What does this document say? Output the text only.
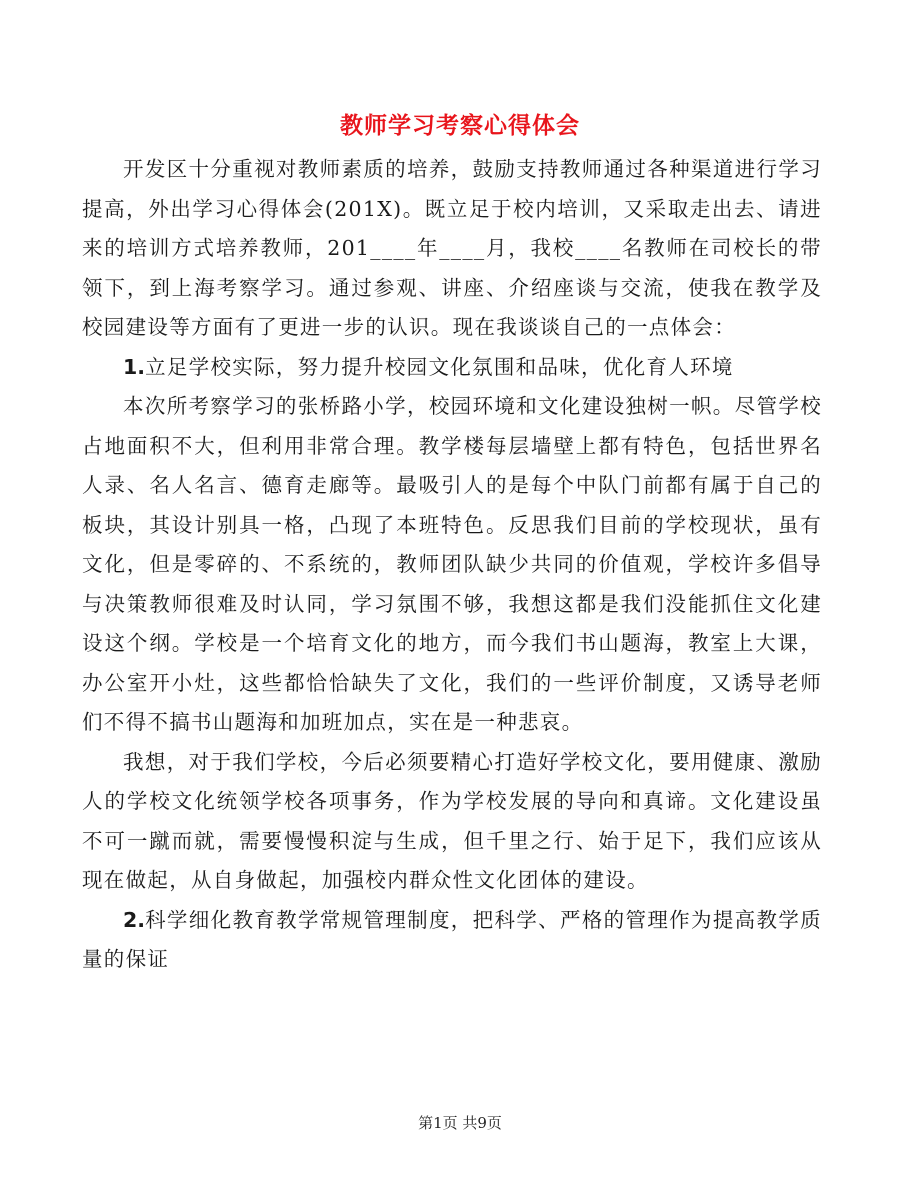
教师学习考察心得体会

开发区十分重视对教师素质的培养，鼓励支持教师通过各种渠道进行学习提高，外出学习心得体会(201X)。既立足于校内培训，又采取走出去、请进来的培训方式培养教师，201____年____月，我校____名教师在司校长的带领下，到上海考察学习。通过参观、讲座、介绍座谈与交流，使我在教学及校园建设等方面有了更进一步的认识。现在我谈谈自己的一点体会：

1.立足学校实际，努力提升校园文化氛围和品味，优化育人环境

本次所考察学习的张桥路小学，校园环境和文化建设独树一帜。尽管学校占地面积不大，但利用非常合理。教学楼每层墙壁上都有特色，包括世界名人录、名人名言、德育走廊等。最吸引人的是每个中队门前都有属于自己的板块，其设计别具一格，凸现了本班特色。反思我们目前的学校现状，虽有文化，但是零碎的、不系统的，教师团队缺少共同的价值观，学校许多倡导与决策教师很难及时认同，学习氛围不够，我想这都是我们没能抓住文化建设这个纲。学校是一个培育文化的地方，而今我们书山题海，教室上大课，办公室开小灶，这些都恰恰缺失了文化，我们的一些评价制度，又诱导老师们不得不搞书山题海和加班加点，实在是一种悲哀。

我想，对于我们学校，今后必须要精心打造好学校文化，要用健康、激励人的学校文化统领学校各项事务，作为学校发展的导向和真谛。文化建设虽不可一蹴而就，需要慢慢积淀与生成，但千里之行、始于足下，我们应该从现在做起，从自身做起，加强校内群众性文化团体的建设。

2.科学细化教育教学常规管理制度，把科学、严格的管理作为提高教学质量的保证

第1页 共9页
